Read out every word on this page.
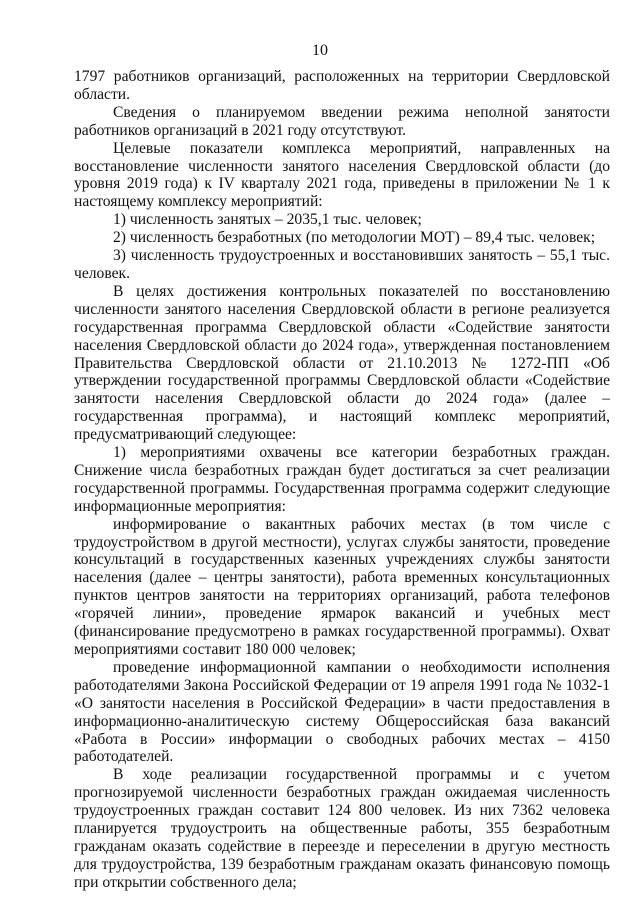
10

1797 работников организаций, расположенных на территории Свердловской области.

Сведения о планируемом введении режима неполной занятости работников организаций в 2021 году отсутствуют.

Целевые показатели комплекса мероприятий, направленных на восстановление численности занятого населения Свердловской области (до уровня 2019 года) к IV кварталу 2021 года, приведены в приложении № 1 к настоящему комплексу мероприятий:

1) численность занятых – 2035,1 тыс. человек;

2) численность безработных (по методологии МОТ) – 89,4 тыс. человек;

3) численность трудоустроенных и восстановивших занятость – 55,1 тыс. человек.

В целях достижения контрольных показателей по восстановлению численности занятого населения Свердловской области в регионе реализуется государственная программа Свердловской области «Содействие занятости населения Свердловской области до 2024 года», утвержденная постановлением Правительства Свердловской области от 21.10.2013 № 1272-ПП «Об утверждении государственной программы Свердловской области «Содействие занятости населения Свердловской области до 2024 года» (далее – государственная программа), и настоящий комплекс мероприятий, предусматривающий следующее:

1) мероприятиями охвачены все категории безработных граждан. Снижение числа безработных граждан будет достигаться за счет реализации государственной программы. Государственная программа содержит следующие информационные мероприятия:

информирование о вакантных рабочих местах (в том числе с трудоустройством в другой местности), услугах службы занятости, проведение консультаций в государственных казенных учреждениях службы занятости населения (далее – центры занятости), работа временных консультационных пунктов центров занятости на территориях организаций, работа телефонов «горячей линии», проведение ярмарок вакансий и учебных мест (финансирование предусмотрено в рамках государственной программы). Охват мероприятиями составит 180 000 человек;

проведение информационной кампании о необходимости исполнения работодателями Закона Российской Федерации от 19 апреля 1991 года № 1032-1 «О занятости населения в Российской Федерации» в части предоставления в информационно-аналитическую систему Общероссийская база вакансий «Работа в России» информации о свободных рабочих местах – 4150 работодателей.

В ходе реализации государственной программы и с учетом прогнозируемой численности безработных граждан ожидаемая численность трудоустроенных граждан составит 124 800 человек. Из них 7362 человека планируется трудоустроить на общественные работы, 355 безработным гражданам оказать содействие в переезде и переселении в другую местность для трудоустройства, 139 безработным гражданам оказать финансовую помощь при открытии собственного дела;
